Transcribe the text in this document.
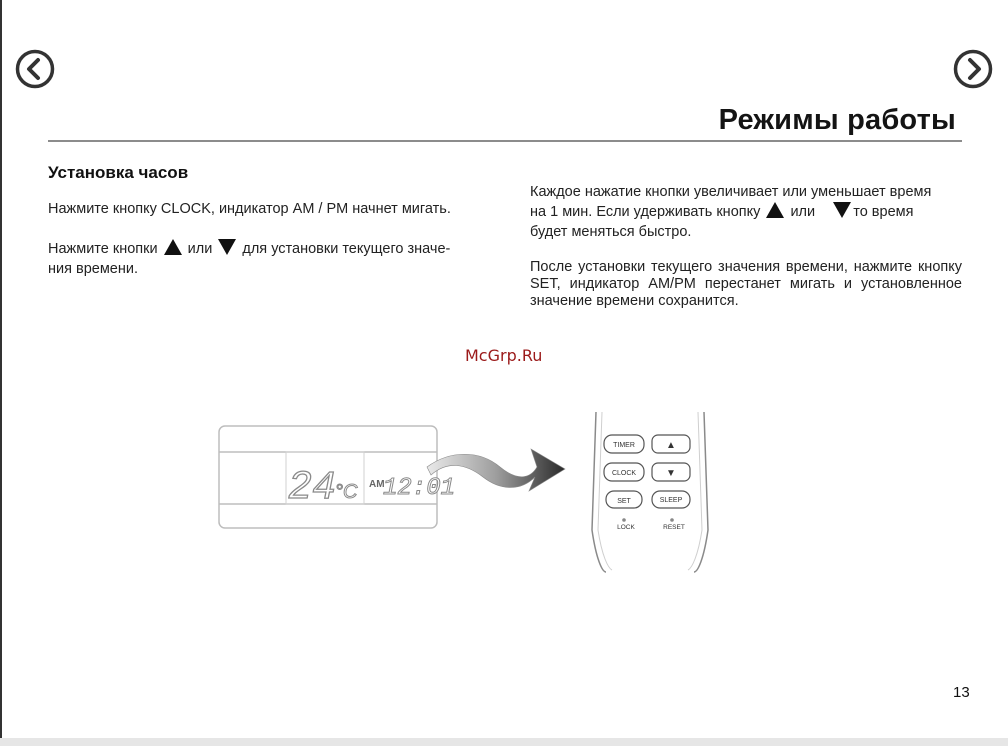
Режимы работы
Установка часов
Нажмите кнопку CLOCK, индикатор AM / PM начнет мигать.
Нажмите кнопки или для установки текущего значе-
ния времени.
Каждое нажатие кнопки увеличивает или уменьшает время
на 1 мин. Если удерживать кнопку или	то время
будет меняться быстро.
После установки текущего значения времени, нажмите кнопку SET, индикатор AM/PM перестанет мигать и установленное значение времени сохранится.
McGrp.Ru
24
°C AM
12:01
TIMER	▲
CLOCK	▼
SET	SLEEP
LOCK	RESET
13
